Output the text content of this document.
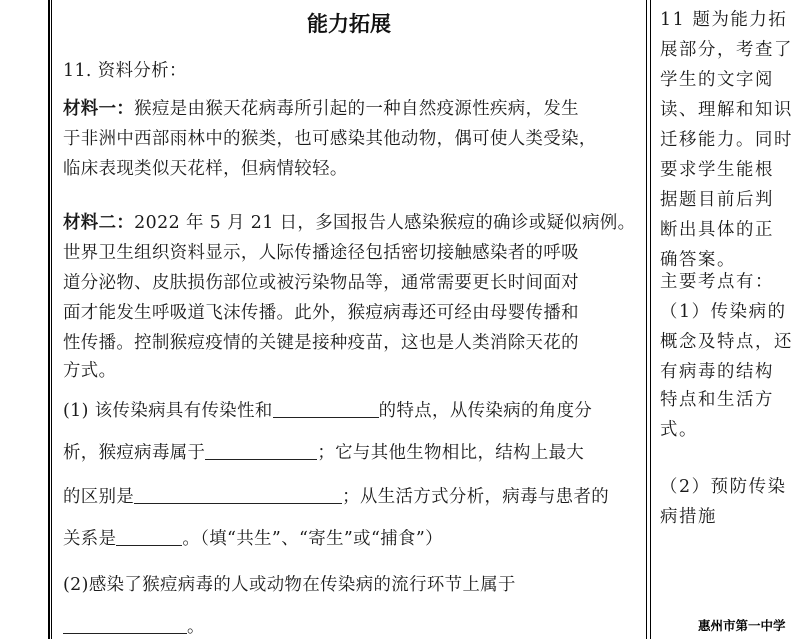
能力拓展
11. 资料分析：
材料一：猴痘是由猴天花病毒所引起的一种自然疫源性疾病，发生
于非洲中西部雨林中的猴类，也可感染其他动物，偶可使人类受染，
临床表现类似天花样，但病情较轻。
材料二：2022 年 5 月 21 日，多国报告人感染猴痘的确诊或疑似病例。
世界卫生组织资料显示，人际传播途径包括密切接触感染者的呼吸
道分泌物、皮肤损伤部位或被污染物品等，通常需要更长时间面对
面才能发生呼吸道飞沫传播。此外，猴痘病毒还可经由母婴传播和
性传播。控制猴痘疫情的关键是接种疫苗，这也是人类消除天花的
方式。
(1) 该传染病具有传染性和	的特点，从传染病的角度分
析，猴痘病毒属于	；它与其他生物相比，结构上最大
的区别是	；从生活方式分析，病毒与患者的
关系是	。（填“共生”、“寄生”或“捕食”）
(2)感染了猴痘病毒的人或动物在传染病的流行环节上属于
。
11 题为能力拓
展部分，考查了
学生的文字阅
读、理解和知识
迁移能力。同时
要求学生能根
据题目前后判
断出具体的正
确答案。
主要考点有：
（1）传染病的
概念及特点，还
有病毒的结构
特点和生活方
式。
（2）预防传染
病措施
惠州市第一中学
